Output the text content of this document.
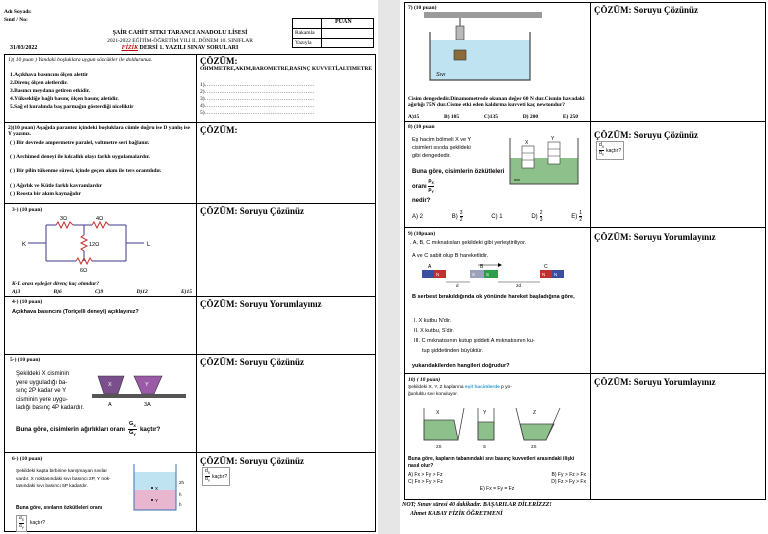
Adı Soyadı:
Sınıf / No:
ŞAİR CAHİT SITKI TARANCI ANADOLU LİSESİ
2021-2022 EĞİTİM-ÖĞRETİM YILI II. DÖNEM 10. SINIFLAR
FİZİK DERSİ 1. YAZILI SINAV SORULARI
31/03/2022
PUAN
Rakamla
Yazıyla
1)( 10 puan ) Yandaki boşluklara uygun sözcükler ile doldurunuz.
1.Açıkhava basıncını ölçen alettir
2.Direnç ölçen aletlerdir.
3.Basıncı meydana getiren etkidir.
4.Yüksekliğe bağlı basınç ölçen basınç aletidir.
5.Sağ el kuralında baş parmağın gösterdiği niceliktir
ÇÖZÜM:
OHMMETRE,AKIM,BAROMETRE,BASINÇ KUVVETİ,ALTIMETRE
1)……………………………………………………
2)……………………………………………………
3)……………………………………………………
4)……………………………………………………
5)……………………………………………………
2)(10 puan) Aşağıda parantez içindeki boşluklara cümle doğru ise D yanlış ise Y yazınız.
( ) Bir devrede ampermetre paralel, voltmetre seri bağlanır.
( ) Archimed deneyi ile kılcallık olayı farklı uygulamalardır.
( ) Bir pilin tükenme süresi, içinde geçen akım ile ters orantılıdır.
( ) Ağırlık ve Kütle farklı kavramlardır
( ) Reosta bir akım kaynağıdır
ÇÖZÜM:
3-) (10 puan)
K	L
3Ω	4Ω
12Ω
6Ω
K-L arası eşdeğer direnç kaç ohmdur?
A)3	B)6	C)9	D)12	E)15
ÇÖZÜM: Soruyu Çözünüz
4-) (10 puan)
Açıkhava basıncını (Toriçelli deneyi) açıklayınız?
ÇÖZÜM: Soruyu Yorumlayınız
5-) (10 puan)
Şekildeki X cisminin
yere uyguladığı ba-
sınç 2P kadar ve Y
cisminin yere uygu-
ladığı basınç 4P kadardır.
X	Y
A	3A
Buna göre, cisimlerin ağırlıkları oranı
$G_X$
$G_Y$
kaçtır?
ÇÖZÜM: Soruyu Çözünüz
6-) (10 puan)
Şekildeki kapta birbirine karışmayan sıvılar
vardır. X noktasındaki sıvı basıncı 2P, Y nok-
tasındaki sıvı basıncı 5P kadardır.
Buna göre, sıvıların özkütleleri oranı
$d_X$
$d_Y$
kaçtır?
X
Y
2h
h
h
ÇÖZÜM: Soruyu Çözünüz
$d_X$
$d_Y$
kaçtır?
7) (10 puan)
Sıvı
Cisim dengededir.Dinamometrede okunan değer 60 N dur.Cismin havadaki ağırlığı 75N dur.Cisme etki eden kaldırma kuvveti kaç newtondur?
A)15	B) 105	C)135	D) 200	E) 250
ÇÖZÜM: Soruyu Çözünüz
8) (10 puan
Eş hacim bölmeli X ve Y
cisimleri sıvıda şekildeki
gibi dengededir.
X
Y
sıvı
Buna göre, cisimlerin özkütleleri oranı $\frac{\rho_X}{\rho_Y}$
nedir?
A) 2	$B) \frac{3}{2}$	C) 1	$D) \frac{2}{3}$	$E) \frac{1}{2}$
ÇÖZÜM: Soruyu Çözünüz
$d_X$
$d_Y$
kaçtır?
9) (10puan)
. A, B, C mıknatısları şekildeki gibi yerleştiriliyor.
A ve C sabit olup B hareketlidir.
A	B	C
N	S S	N N
d	2d
B serbest bırakıldığında ok yönünde hareket başladığına göre,
I. X kutbu N'dir.
II. X kutbu, S'dir.
III. C mıknatısının kutup şiddeti A mıknatısının ku-
tup şiddetinden büyüktür.
yukarıdakilerden hangileri doğrudur?
ÇÖZÜM: Soruyu Yorumlayınız
10) ( 10 puan)
Şekildeki X, Y, Z kaplarına eşit hacimlerde p yo-
ğunluklu sıvı konuluyor.
X	Y	Z
2S	S	2S
Buna göre, kapların tabanındaki sıvı basınç kuvvetleri arasındaki ilişki nasıl olur?
A) Fx > Fy > Fz	B) Fy > Fz > Fx
C) Fx > Fy > Fz	D) Fz > Fy > Fx
E) Fx = Fy = Fz
ÇÖZÜM: Soruyu Yorumlayınız
NOT; Sınav süresi 40 dakikadır. BAŞARILAR DİLERİZZZ!
Ahmet KABAY FİZİK ÖĞRETMENİ
